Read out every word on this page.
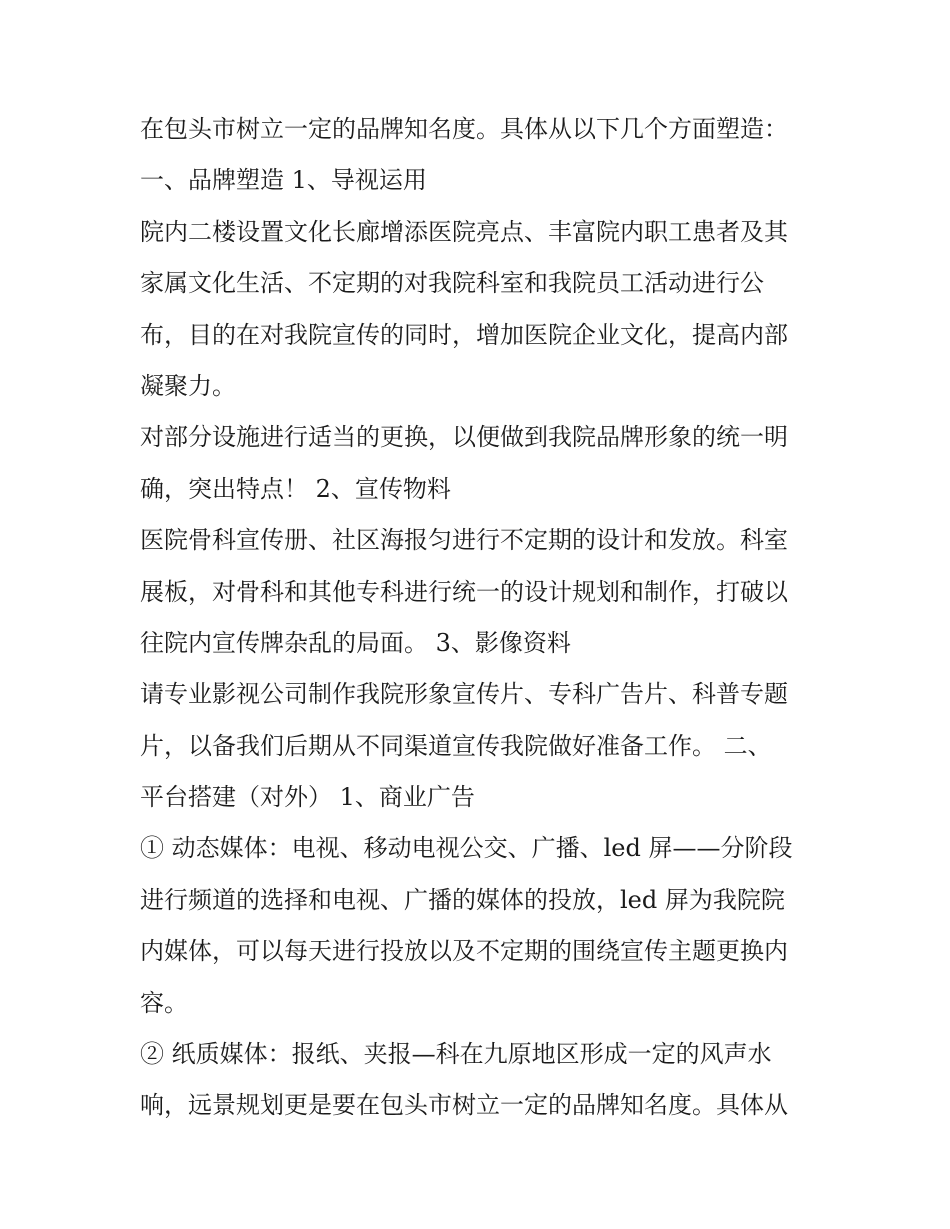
在包头市树立一定的品牌知名度。具体从以下几个方面塑造：
一、品牌塑造 1、导视运用
院内二楼设置文化长廊增添医院亮点、丰富院内职工患者及其
家属文化生活、不定期的对我院科室和我院员工活动进行公
布，目的在对我院宣传的同时，增加医院企业文化，提高内部
凝聚力。
对部分设施进行适当的更换，以便做到我院品牌形象的统一明
确，突出特点！ 2、宣传物料
医院骨科宣传册、社区海报匀进行不定期的设计和发放。科室
展板，对骨科和其他专科进行统一的设计规划和制作，打破以
往院内宣传牌杂乱的局面。 3、影像资料
请专业影视公司制作我院形象宣传片、专科广告片、科普专题
片，以备我们后期从不同渠道宣传我院做好准备工作。 二、
平台搭建（对外） 1、商业广告
① 动态媒体：电视、移动电视公交、广播、led 屏——分阶段
进行频道的选择和电视、广播的媒体的投放，led 屏为我院院
内媒体，可以每天进行投放以及不定期的围绕宣传主题更换内
容。
② 纸质媒体：报纸、夹报—科在九原地区形成一定的风声水
响，远景规划更是要在包头市树立一定的品牌知名度。具体从
